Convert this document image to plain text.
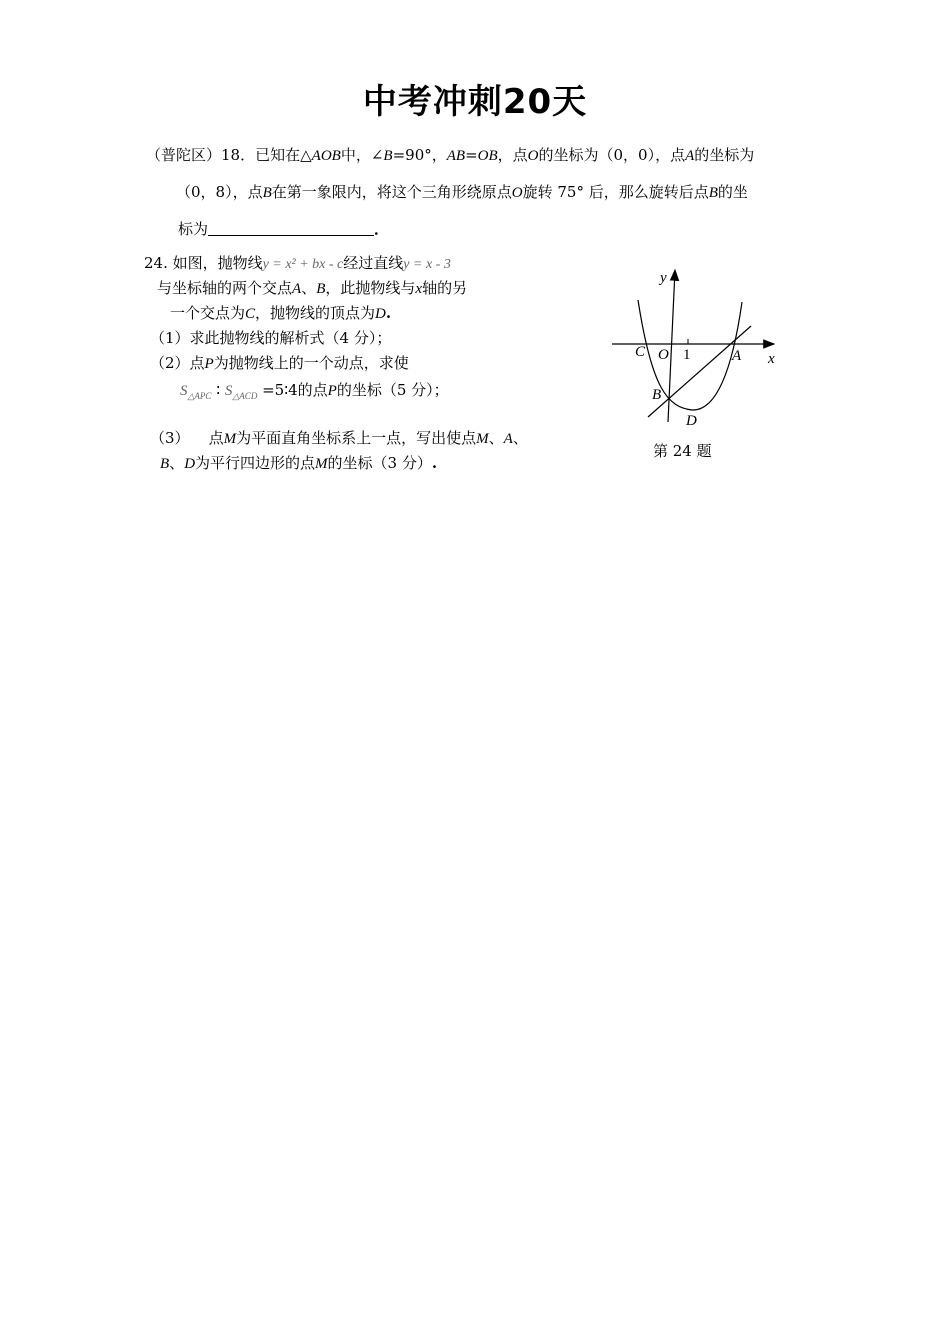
中考冲刺20天
（普陀区）18．已知在△AOB中，∠B=90°，AB=OB，点O的坐标为（0，0），点A的坐标为
（0，8），点B在第一象限内，将这个三角形绕原点O旋转 75° 后，那么旋转后点B的坐
标为	．
24. 如图，抛物线y = x² + bx - c经过直线y = x - 3
与坐标轴的两个交点A、B，此抛物线与x轴的另
一个交点为C，抛物线的顶点为D.
（1）求此抛物线的解析式（4 分）；
（2）点P为抛物线上的一个动点，求使
$S_{\triangle APC}$ ∶ $S_{\triangle ACD}$ =5∶4的点P的坐标（5 分）；
（3） 点M为平面直角坐标系上一点，写出使点M、A、
B、D为平行四边形的点M的坐标（3 分）.
y
x
C O 1	A
B
D
第 24 题
